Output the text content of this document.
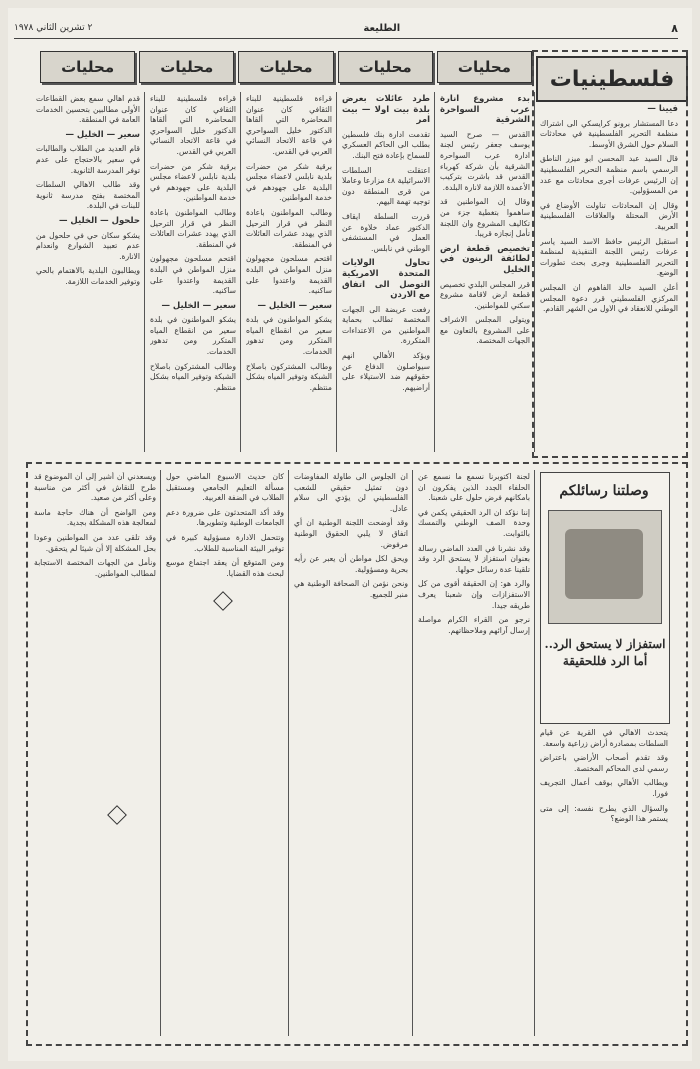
٨
الطليعة
٢ تشرين الثاني ١٩٧٨
محليات
محليات
محليات
محليات
محليات	فلسطينيات

فيينا —

دعا المستشار برونو كرايسكي الى اشتراك منظمة التحرير الفلسطينية في محادثات السلام حول الشرق الأوسط.

قال السيد عبد المحسن ابو ميزر الناطق الرسمي باسم منظمة التحرير الفلسطينية إن الرئيس عرفات أجرى محادثات مع عدد من المسؤولين.

وقال إن المحادثات تناولت الأوضاع في الأرض المحتلة والعلاقات الفلسطينية العربية.

استقبل الرئيس حافظ الاسد السيد ياسر عرفات رئيس اللجنة التنفيذية لمنظمة التحرير الفلسطينية وجرى بحث تطورات الوضع.

أعلن السيد خالد الفاهوم ان المجلس المركزي الفلسطيني قرر دعوة المجلس الوطني للانعقاد في الاول من الشهر القادم.

بدء مشروع انارة عرب السواحرة الشرقية

القدس — صرح السيد يوسف جعفر رئيس لجنة ادارة عرب السواحرة الشرقية بأن شركة كهرباء القدس قد باشرت بتركيب الأعمدة اللازمة لانارة البلدة.

وقال إن المواطنين قد ساهموا بتغطية جزء من تكاليف المشروع وان اللجنة تأمل إنجازه قريبا.

تخصيص قطعة ارض لطائفة الرينون في الخليل

قرر المجلس البلدي تخصيص قطعة ارض لاقامة مشروع سكني للمواطنين.

ويتولى المجلس الاشراف على المشروع بالتعاون مع الجهات المختصة.

طرد عائلات بعرض بلدة بيت اولا — بيت امر

تقدمت ادارة بنك فلسطين بطلب الى الحاكم العسكري للسماح بإعادة فتح البنك.

اعتقلت السلطات الاسرائيلية ٤٨ مزارعا وعاملا من قرى المنطقة دون توجيه تهمة اليهم.

قررت السلطة ايقاف الدكتور عماد خلاوة عن العمل في المستشفى الوطني في نابلس.

تحاول الولايات المتحدة الامريكية التوصل الى اتفاق مع الاردن

رفعت عريضة الى الجهات المختصة تطالب بحماية المواطنين من الاعتداءات المتكررة.

ويؤكد الأهالي انهم سيواصلون الدفاع عن حقوقهم ضد الاستيلاء على أراضيهم.

قراءة فلسطينية للبناء الثقافي كان عنوان المحاضرة التي ألقاها الدكتور خليل السواحري في قاعة الاتحاد النسائي العربي في القدس.

برقية شكر من حضرات بلدية نابلس لاعضاء مجلس البلدية على جهودهم في خدمة المواطنين.

وطالب المواطنون باعادة النظر في قرار الترحيل الذي يهدد عشرات العائلات في المنطقة.

اقتحم مسلحون مجهولون منزل المواطن في البلدة القديمة واعتدوا على ساكنيه.

سعير — الخليل —

يشكو المواطنون في بلدة سعير من انقطاع المياه المتكرر ومن تدهور الخدمات.

وطالب المشتركون باصلاح الشبكة وتوفير المياه بشكل منتظم.

قدم اهالي سمع بعض القطاعات الأولى مطالبين بتحسين الخدمات العامة في المنطقة.

سعير — الخليل —

قام العديد من الطلاب والطالبات في سعير بالاحتجاج على عدم توفر المدرسة الثانوية.

وقد طالب الاهالي السلطات المختصة بفتح مدرسة ثانوية للبنات في البلدة.

حلحول — الخليل —

يشكو سكان حي في حلحول من عدم تعبيد الشوارع وانعدام الانارة.

ويطالبون البلدية بالاهتمام بالحي وتوفير الخدمات اللازمة.

قراءة فلسطينية للبناء الثقافي كان عنوان المحاضرة التي ألقاها الدكتور خليل السواحري في قاعة الاتحاد النسائي العربي في القدس.

برقية شكر من حضرات بلدية نابلس لاعضاء مجلس البلدية على جهودهم في خدمة المواطنين.

وطالب المواطنون باعادة النظر في قرار الترحيل الذي يهدد عشرات العائلات في المنطقة.

اقتحم مسلحون مجهولون منزل المواطن في البلدة القديمة واعتدوا على ساكنيه.

سعير — الخليل —

يشكو المواطنون في بلدة سعير من انقطاع المياه المتكرر ومن تدهور الخدمات.

وطالب المشتركون باصلاح الشبكة وتوفير المياه بشكل منتظم.

وصلتنا رسائلكم
استفزاز لا يستحق الرد.. أما الرد فللحقيقة

لجنة اكتوبرنا نسمع ما نسمع عن الحلفاء الجدد الذين يفكرون ان بامكانهم فرض حلول على شعبنا.

إننا نؤكد ان الرد الحقيقي يكمن في وحدة الصف الوطني والتمسك بالثوابت.

وقد نشرنا في العدد الماضي رسالة بعنوان استفزاز لا يستحق الرد وقد تلقينا عدة رسائل حولها.

والرد هو: إن الحقيقة أقوى من كل الاستفزازات وإن شعبنا يعرف طريقه جيدا.

نرجو من القراء الكرام مواصلة إرسال آرائهم وملاحظاتهم.

ان الجلوس الى طاولة المفاوضات دون تمثيل حقيقي للشعب الفلسطيني لن يؤدي الى سلام عادل.

وقد أوضحت اللجنة الوطنية ان أي اتفاق لا يلبي الحقوق الوطنية مرفوض.

ويحق لكل مواطن أن يعبر عن رأيه بحرية ومسؤولية.

ونحن نؤمن ان الصحافة الوطنية هي منبر للجميع.

كان حديث الاسبوع الماضي حول مسألة التعليم الجامعي ومستقبل الطلاب في الضفة الغربية.

وقد أكد المتحدثون على ضرورة دعم الجامعات الوطنية وتطويرها.

وتتحمل الادارة مسؤولية كبيرة في توفير البيئة المناسبة للطلاب.

ومن المتوقع أن يعقد اجتماع موسع لبحث هذه القضايا.

ويسعدني أن أشير إلى أن الموضوع قد طرح للنقاش في أكثر من مناسبة وعلى أكثر من صعيد.

ومن الواضح أن هناك حاجة ماسة لمعالجة هذه المشكلة بجدية.

وقد تلقى عدد من المواطنين وعودا بحل المشكلة إلا أن شيئا لم يتحقق.

ونأمل من الجهات المختصة الاستجابة لمطالب المواطنين.

يتحدث الاهالي في القرية عن قيام السلطات بمصادرة أراض زراعية واسعة.

وقد تقدم أصحاب الأراضي باعتراض رسمي لدى المحاكم المختصة.

ويطالب الأهالي بوقف أعمال التجريف فورا.

والسؤال الذي يطرح نفسه: إلى متى يستمر هذا الوضع؟
